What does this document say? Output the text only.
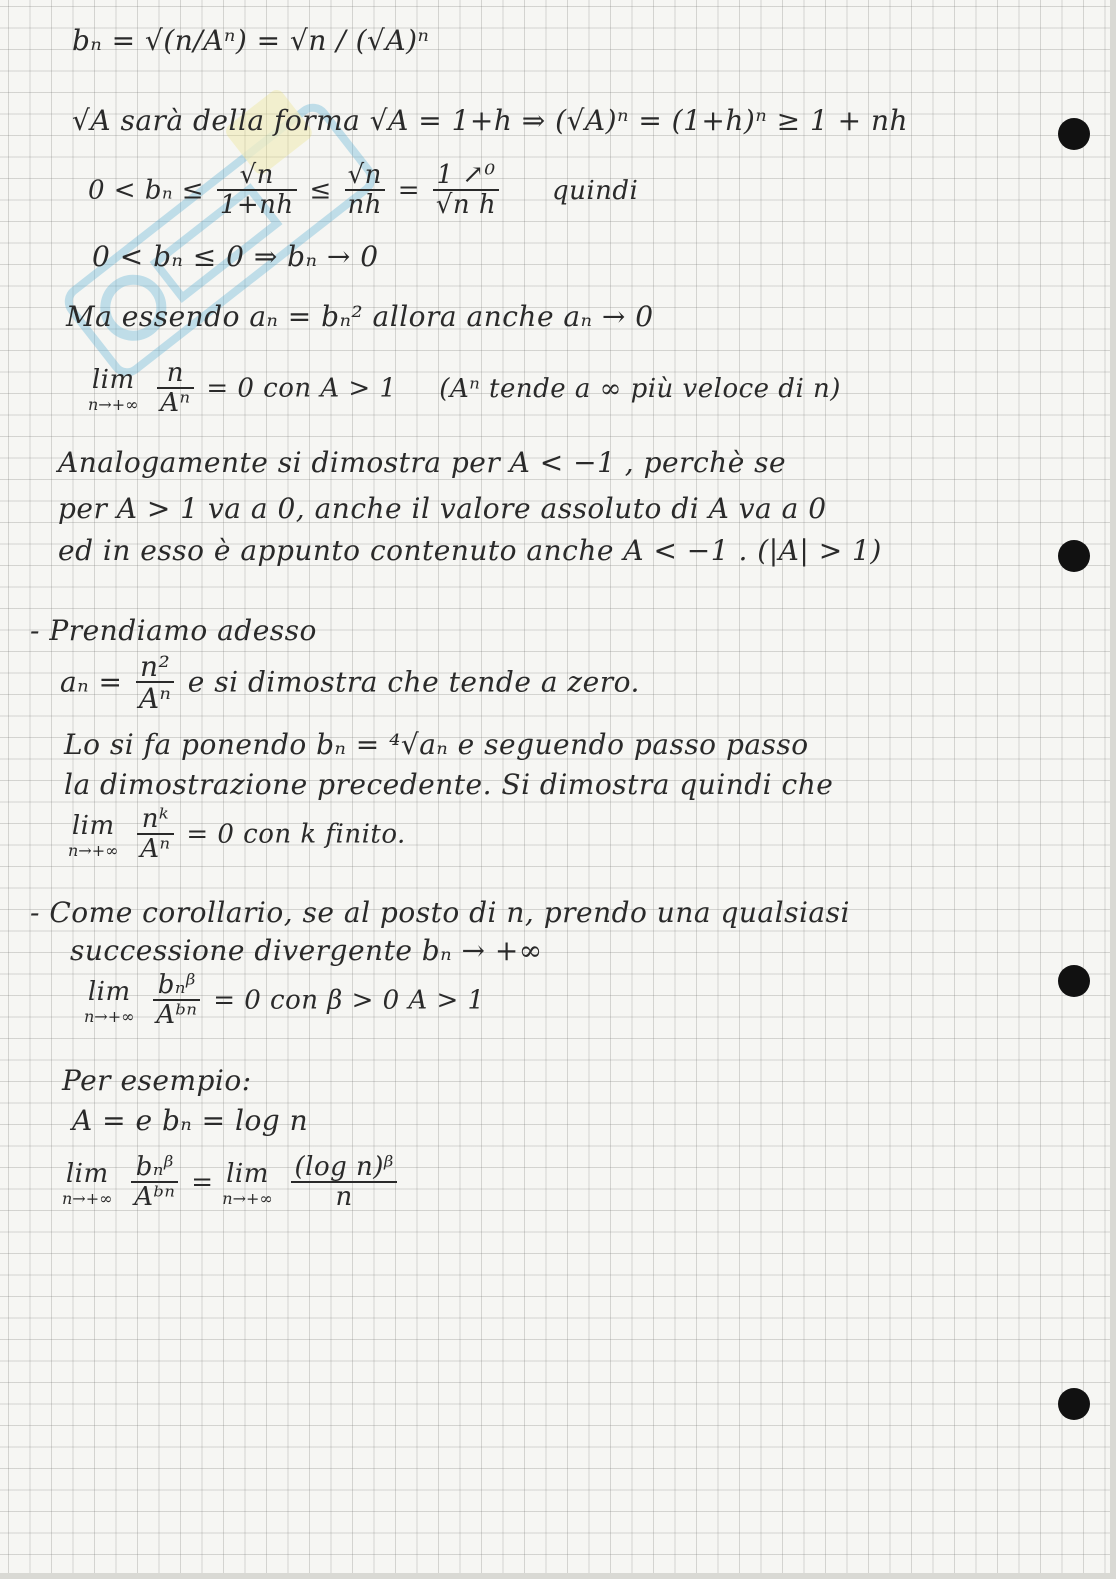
bₙ = √(n/Aⁿ) = √n / (√A)ⁿ
√A sarà della forma √A = 1+h ⇒ (√A)ⁿ = (1+h)ⁿ ≥ 1 + nh
$0 < b_n \le \frac{√n}{1+nh} \le \frac{√n}{nh} = \frac{\text{1 ↗⁰}}{\text{√n h}}$ quindi
0 < bₙ ≤ 0 ⇒ bₙ → 0
Ma essendo aₙ = bₙ² allora anche aₙ → 0
lim
n→+∞
$\frac{n}{\text{Aⁿ}} = 0$ con A > 1 (Aⁿ tende a ∞ più veloce di n)
Analogamente si dimostra per A < −1 , perchè se
per A > 1 va a 0, anche il valore assoluto di A va a 0
ed in esso è appunto contenuto anche A < −1 . (|A| > 1)
- Prendiamo adesso
$a_n = \frac{\text{n²}}{\text{Aⁿ}}$ e si dimostra che tende a zero.
Lo si fa ponendo bₙ = ⁴√aₙ e seguendo passo passo
la dimostrazione precedente. Si dimostra quindi che
lim
n→+∞
$\frac{\text{nᵏ}}{\text{Aⁿ}} = 0$ con k finito.
- Come corollario, se al posto di n, prendo una qualsiasi
successione divergente bₙ → +∞
lim
n→+∞
$\frac{\text{bₙᵝ}}{\text{Aᵇⁿ}} = 0$ con β > 0 A > 1
Per esempio:
A = e bₙ = log n
lim
n→+∞
$\frac{\text{bₙᵝ}}{\text{Aᵇⁿ}} = \lim$
n→+∞
$\frac{\text{(log n)ᵝ}}{n}$
